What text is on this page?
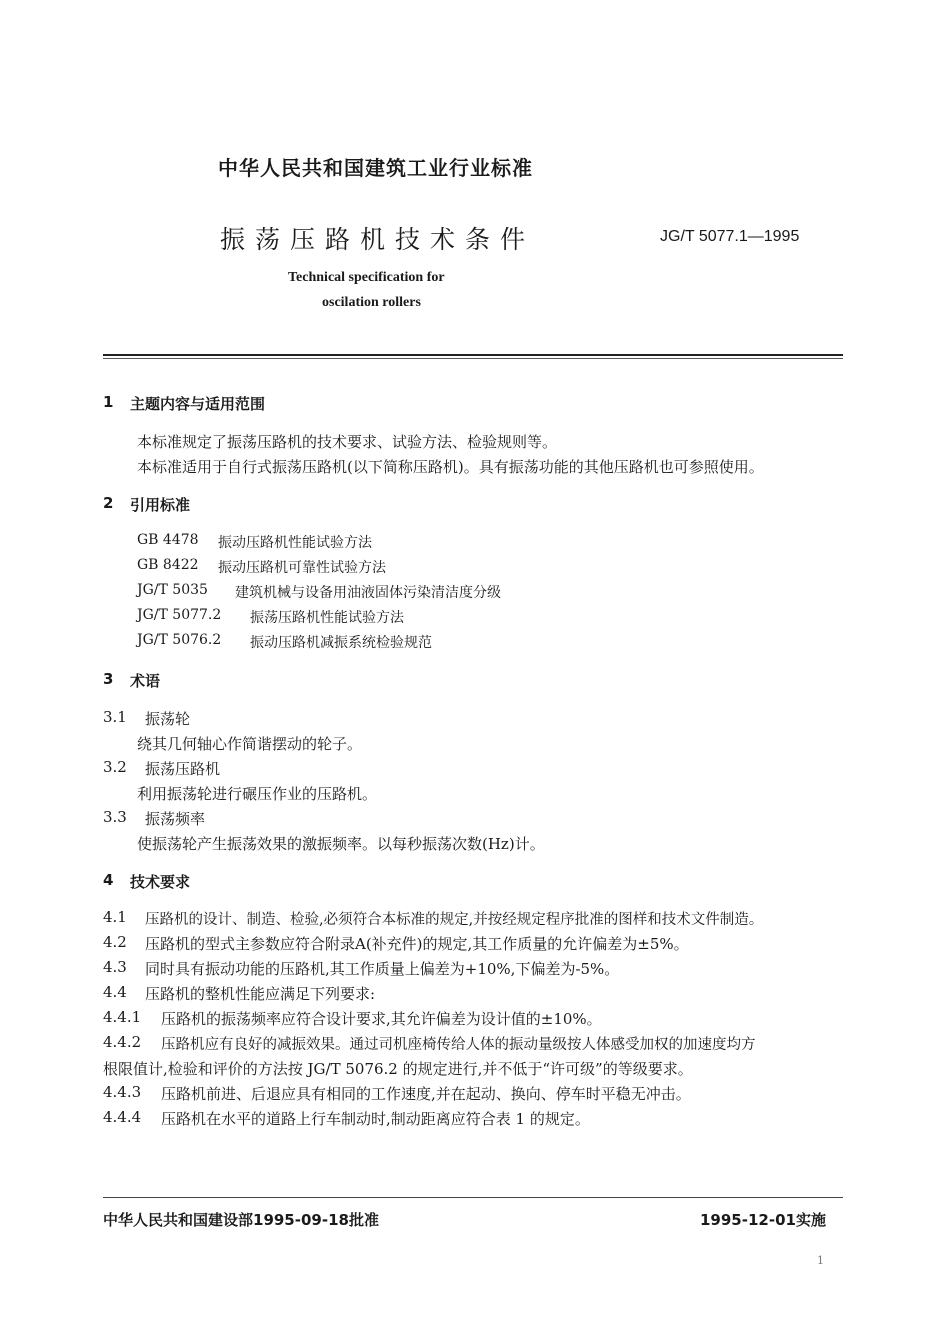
中华人民共和国建筑工业行业标准
振荡压路机技术条件	JG/T 5077.1—1995
Technical specification for
oscilation rollers
1 主题内容与适用范围
本标准规定了振荡压路机的技术要求、试验方法、检验规则等。
本标准适用于自行式振荡压路机(以下简称压路机)。具有振荡功能的其他压路机也可参照使用。
2 引用标准
GB 4478 振动压路机性能试验方法
GB 8422 振动压路机可靠性试验方法
JG/T 5035 建筑机械与设备用油液固体污染清洁度分级
JG/T 5077.2 振荡压路机性能试验方法
JG/T 5076.2 振动压路机减振系统检验规范
3 术语
3.1 振荡轮
绕其几何轴心作简谐摆动的轮子。
3.2 振荡压路机
利用振荡轮进行碾压作业的压路机。
3.3 振荡频率
使振荡轮产生振荡效果的激振频率。以每秒振荡次数(Hz)计。
4 技术要求
4.1 压路机的设计、制造、检验,必须符合本标准的规定,并按经规定程序批准的图样和技术文件制造。
4.2 压路机的型式主参数应符合附录A(补充件)的规定,其工作质量的允许偏差为±5%。
4.3 同时具有振动功能的压路机,其工作质量上偏差为+10%,下偏差为-5%。
4.4 压路机的整机性能应满足下列要求:
4.4.1 压路机的振荡频率应符合设计要求,其允许偏差为设计值的±10%。
4.4.2 压路机应有良好的减振效果。通过司机座椅传给人体的振动量级按人体感受加权的加速度均方
根限值计,检验和评价的方法按 JG/T 5076.2 的规定进行,并不低于“许可级”的等级要求。
4.4.3 压路机前进、后退应具有相同的工作速度,并在起动、换向、停车时平稳无冲击。
4.4.4 压路机在水平的道路上行车制动时,制动距离应符合表 1 的规定。
中华人民共和国建设部1995-09-18批准	1995-12-01实施
1
